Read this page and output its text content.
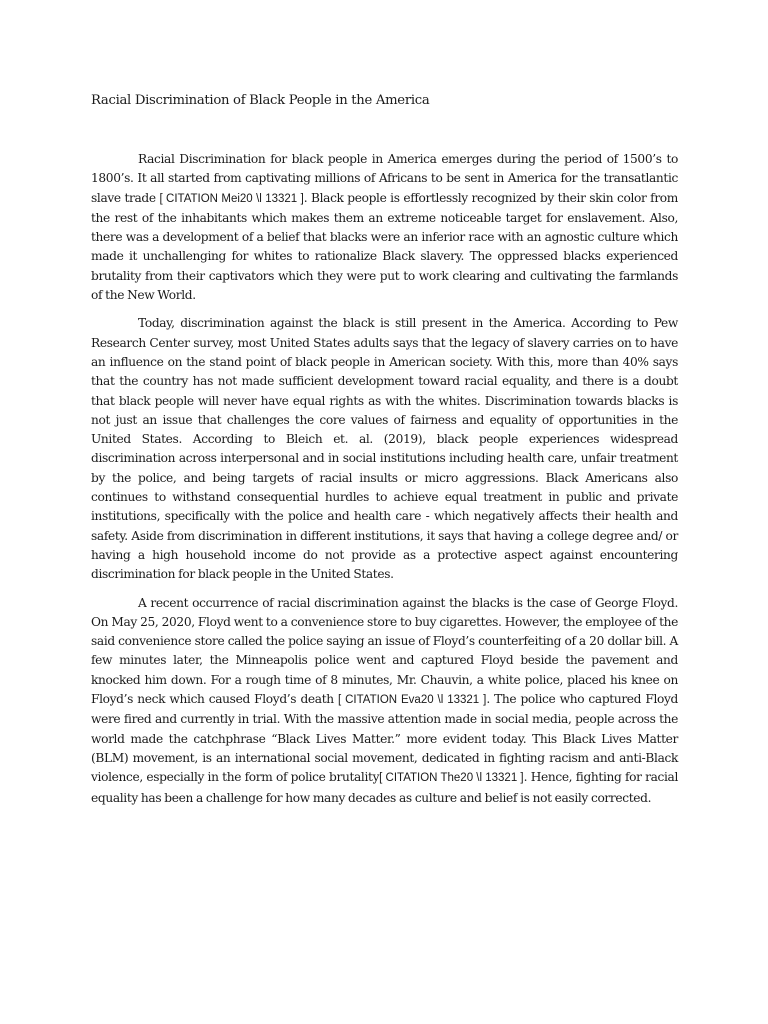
Racial Discrimination of Black People in the America

Racial Discrimination for black people in America emerges during the period of 1500’s to 1800’s. It all started from captivating millions of Africans to be sent in America for the transatlantic slave trade [ CITATION Mei20 \l 13321 ]. Black people is effortlessly recognized by their skin color from the rest of the inhabitants which makes them an extreme noticeable target for enslavement. Also, there was a development of a belief that blacks were an inferior race with an agnostic culture which made it unchallenging for whites to rationalize Black slavery. The oppressed blacks experienced brutality from their captivators which they were put to work clearing and cultivating the farmlands of the New World.

Today, discrimination against the black is still present in the America. According to Pew Research Center survey, most United States adults says that the legacy of slavery carries on to have an influence on the stand point of black people in American society. With this, more than 40% says that the country has not made sufficient development toward racial equality, and there is a doubt that black people will never have equal rights as with the whites. Discrimination towards blacks is not just an issue that challenges the core values of fairness and equality of opportunities in the United States. According to Bleich et. al. (2019), black people experiences widespread discrimination across interpersonal and in social institutions including health care, unfair treatment by the police, and being targets of racial insults or micro aggressions. Black Americans also continues to withstand consequential hurdles to achieve equal treatment in public and private institutions, specifically with the police and health care - which negatively affects their health and safety. Aside from discrimination in different institutions, it says that having a college degree and/ or having a high household income do not provide as a protective aspect against encountering discrimination for black people in the United States.

A recent occurrence of racial discrimination against the blacks is the case of George Floyd. On May 25, 2020, Floyd went to a convenience store to buy cigarettes. However, the employee of the said convenience store called the police saying an issue of Floyd’s counterfeiting of a 20 dollar bill. A few minutes later, the Minneapolis police went and captured Floyd beside the pavement and knocked him down. For a rough time of 8 minutes, Mr. Chauvin, a white police, placed his knee on Floyd’s neck which caused Floyd’s death [ CITATION Eva20 \l 13321 ]. The police who captured Floyd were fired and currently in trial. With the massive attention made in social media, people across the world made the catchphrase “Black Lives Matter.” more evident today. This Black Lives Matter (BLM) movement, is an international social movement, dedicated in fighting racism and anti-Black violence, especially in the form of police brutality[ CITATION The20 \l 13321 ]. Hence, fighting for racial equality has been a challenge for how many decades as culture and belief is not easily corrected.
